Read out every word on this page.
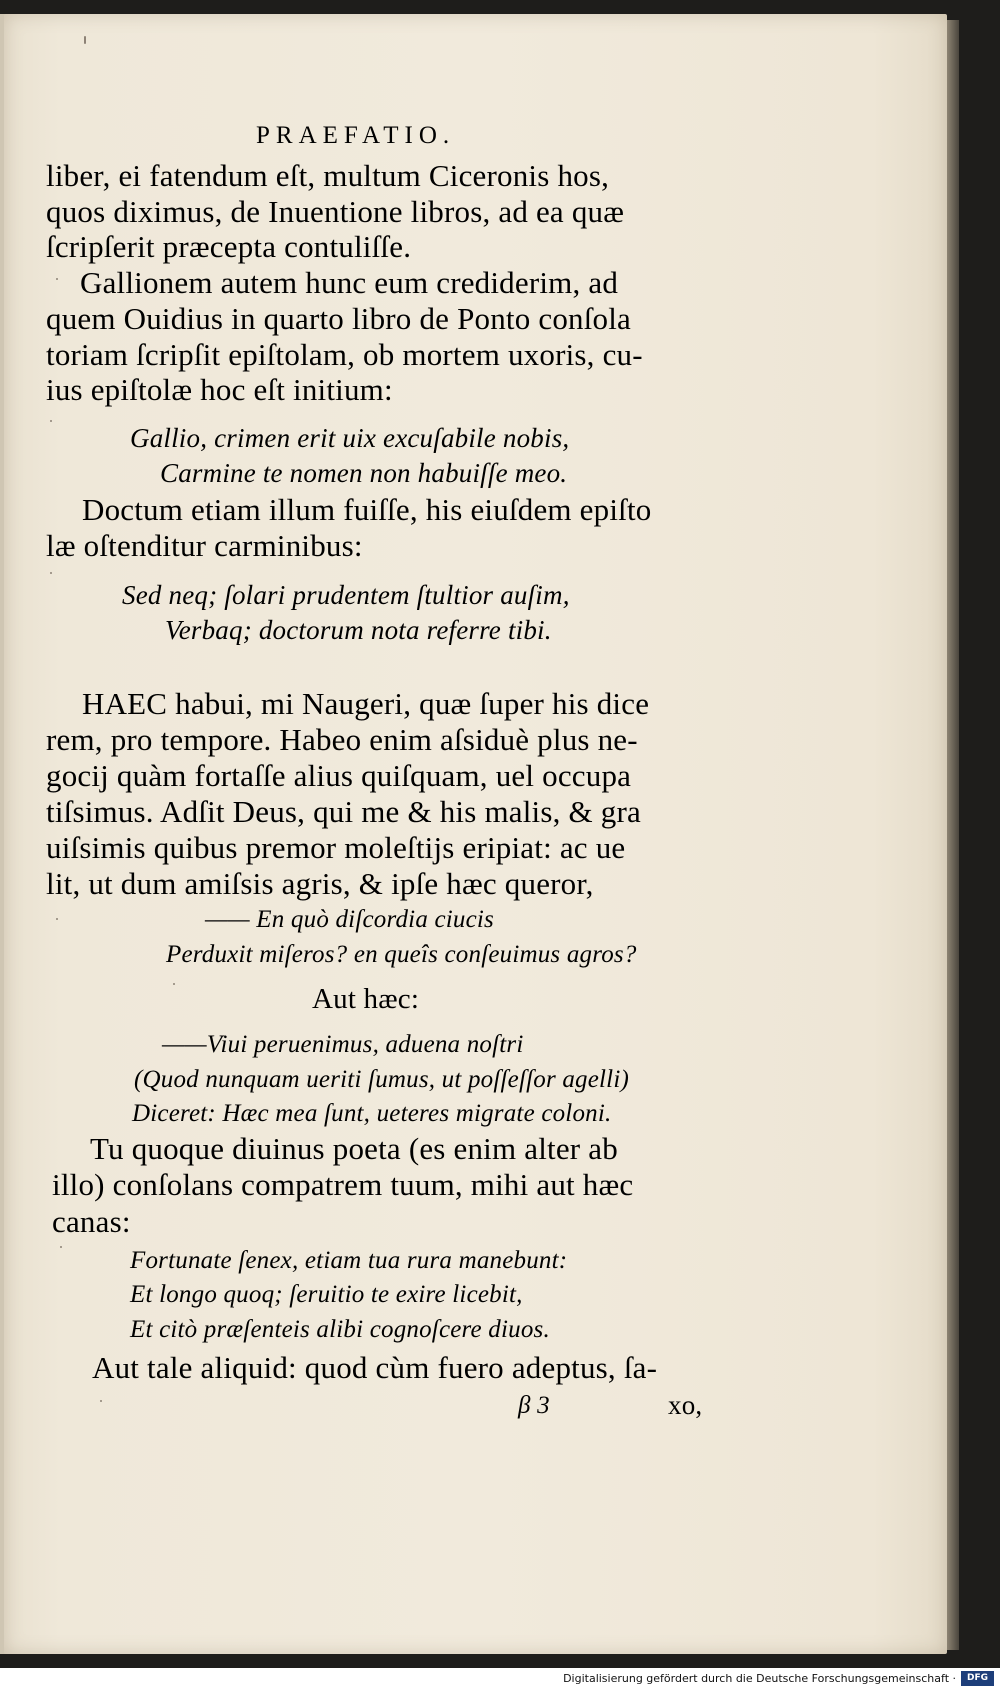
PRAEFATIO.
liber, ei fatendum eſt, multum Ciceronis hos,
quos diximus, de Inuentione libros, ad ea quæ
ſcripſerit præcepta contuliſſe.
Gallionem autem hunc eum crediderim, ad
quem Ouidius in quarto libro de Ponto conſola
toriam ſcripſit epiſtolam, ob mortem uxoris, cu-
ius epiſtolæ hoc eſt initium:
Gallio, crimen erit uix excuſabile nobis,
Carmine te nomen non habuiſſe meo.
Doctum etiam illum fuiſſe, his eiuſdem epiſto
læ oſtenditur carminibus:
Sed neq; ſolari prudentem ſtultior auſim,
Verbaq; doctorum nota referre tibi.
HAEC habui, mi Naugeri, quæ ſuper his dice
rem, pro tempore. Habeo enim aſsiduè plus ne-
gocij quàm fortaſſe alius quiſquam, uel occupa
tiſsimus. Adſit Deus, qui me & his malis, & gra
uiſsimis quibus premor moleſtijs eripiat: ac ue
lit, ut dum amiſsis agris, & ipſe hæc queror,
—— En quò diſcordia ciucis
Perduxit miſeros? en queîs conſeuimus agros?
Aut hæc:
——Viui peruenimus, aduena noſtri
(Quod nunquam ueriti ſumus, ut poſſeſſor agelli)
Diceret: Hæc mea ſunt, ueteres migrate coloni.
Tu quoque diuinus poeta (es enim alter ab
illo) conſolans compatrem tuum, mihi aut hæc
canas:
Fortunate ſenex, etiam tua rura manebunt:
Et longo quoq; ſeruitio te exire licebit,
Et citò præſenteis alibi cognoſcere diuos.
Aut tale aliquid: quod cùm fuero adeptus, ſa-
β 3	xo,
Digitalisierung gefördert durch die Deutsche Forschungsgemeinschaft ·	DFG
